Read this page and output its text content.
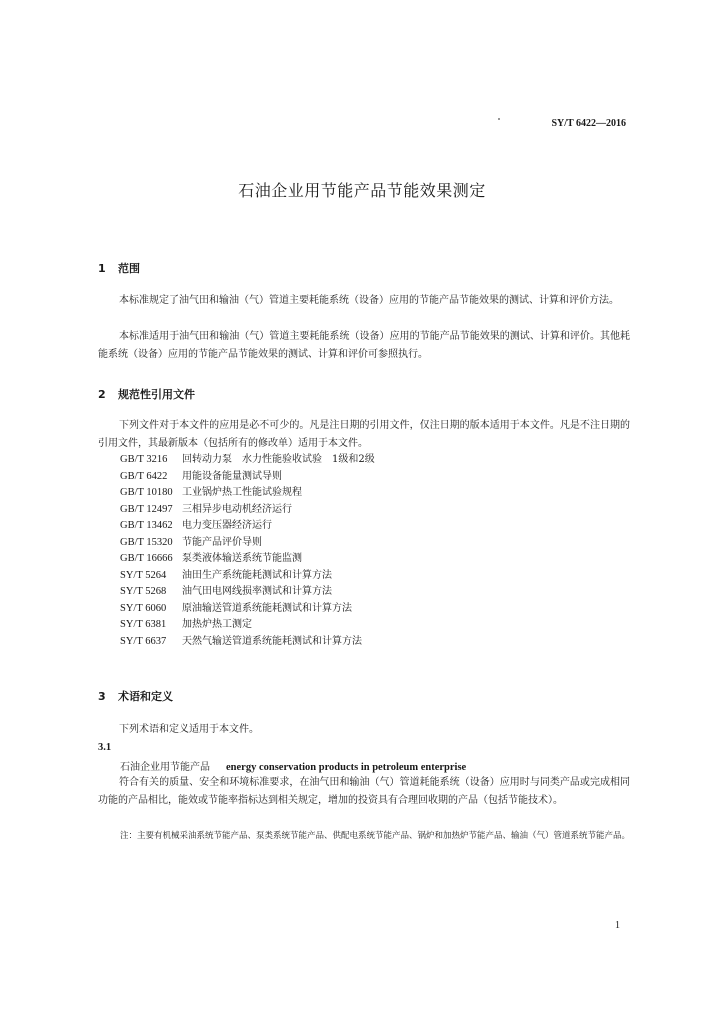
SY/T 6422—2016
石油企业用节能产品节能效果测定
1 范围
本标准规定了油气田和输油（气）管道主要耗能系统（设备）应用的节能产品节能效果的测试、计算和评价方法。
本标准适用于油气田和输油（气）管道主要耗能系统（设备）应用的节能产品节能效果的测试、计算和评价。其他耗能系统（设备）应用的节能产品节能效果的测试、计算和评价可参照执行。
2 规范性引用文件
下列文件对于本文件的应用是必不可少的。凡是注日期的引用文件，仅注日期的版本适用于本文件。凡是不注日期的引用文件，其最新版本（包括所有的修改单）适用于本文件。
GB/T 3216 回转动力泵　水力性能验收试验　1级和2级
GB/T 6422 用能设备能量测试导则
GB/T 10180 工业锅炉热工性能试验规程
GB/T 12497 三相异步电动机经济运行
GB/T 13462 电力变压器经济运行
GB/T 15320 节能产品评价导则
GB/T 16666 泵类液体输送系统节能监测
SY/T 5264 油田生产系统能耗测试和计算方法
SY/T 5268 油气田电网线损率测试和计算方法
SY/T 6060 原油输送管道系统能耗测试和计算方法
SY/T 6381 加热炉热工测定
SY/T 6637 天然气输送管道系统能耗测试和计算方法
3 术语和定义
下列术语和定义适用于本文件。
3.1
石油企业用节能产品 energy conservation products in petroleum enterprise
符合有关的质量、安全和环境标准要求，在油气田和输油（气）管道耗能系统（设备）应用时与同类产品或完成相同功能的产品相比，能效或节能率指标达到相关规定，增加的投资具有合理回收期的产品（包括节能技术）。
注：主要有机械采油系统节能产品、泵类系统节能产品、供配电系统节能产品、锅炉和加热炉节能产品、输油（气）管道系统节能产品。
1
